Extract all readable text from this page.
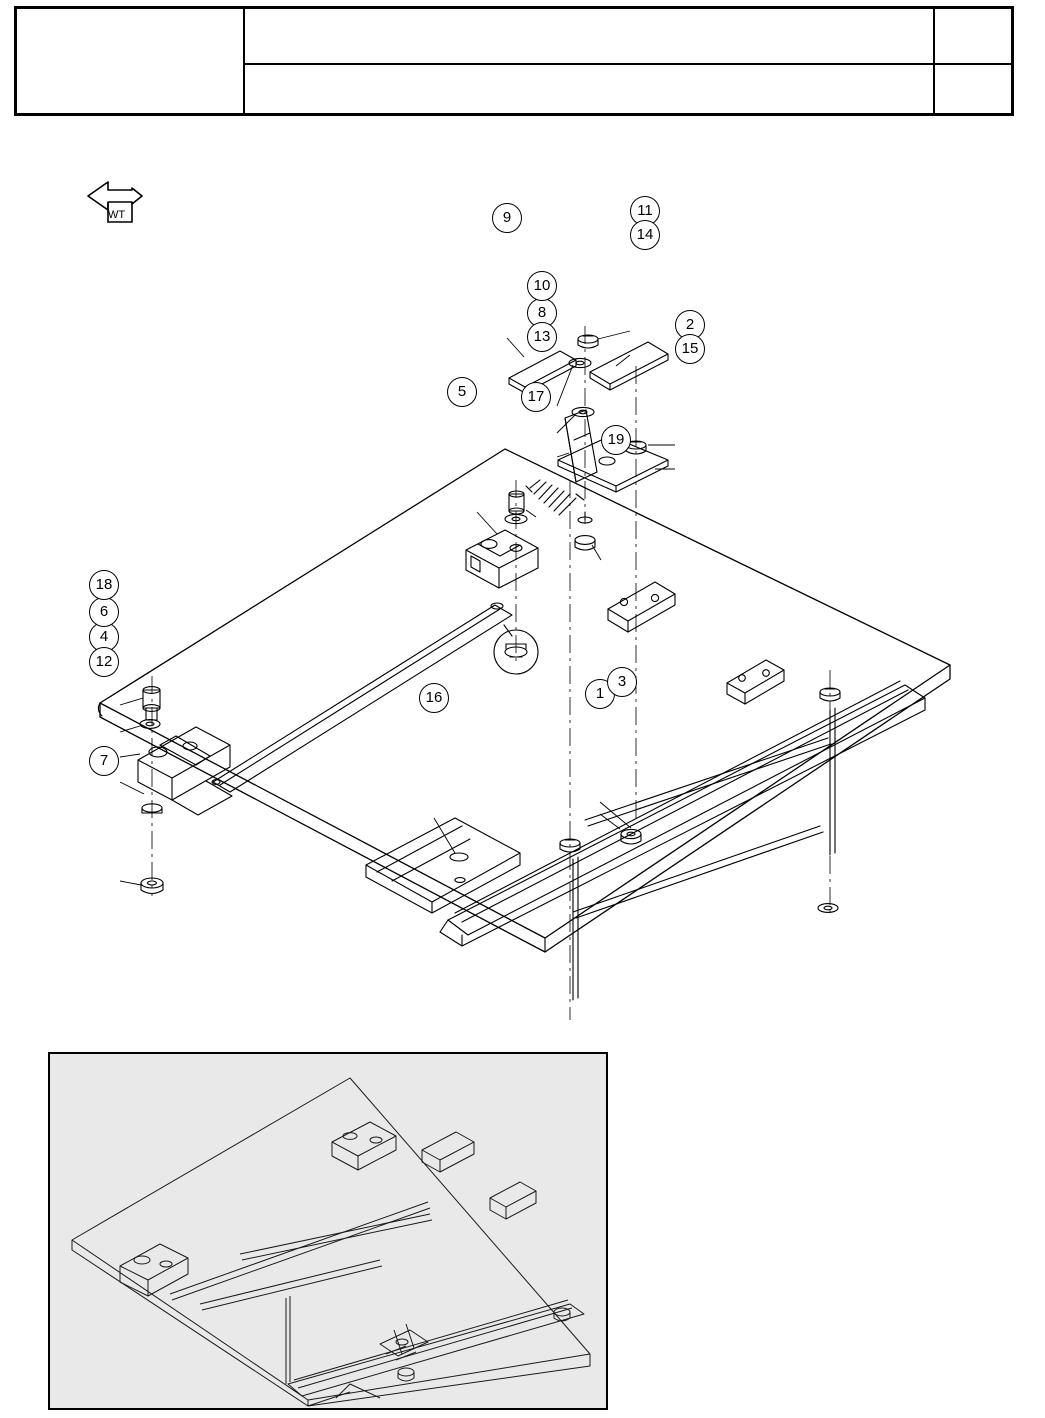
WT
1
2
3
4
5
6
7
8
9
10
11
12
13
14
15
16
17
18
19
